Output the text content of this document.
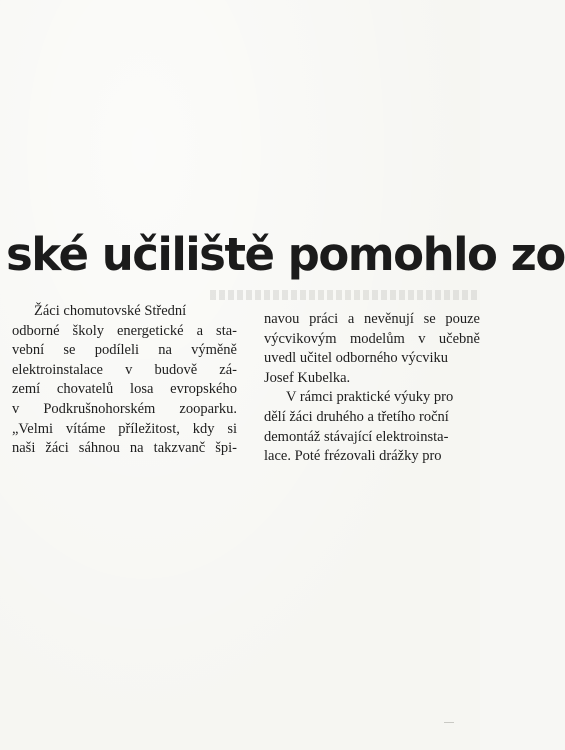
ské učiliště pomohlo zo
Žáci chomutovské Střední
odborné školy energetické a sta-
vební se podíleli na výměně
elektroinstalace v budově zá-
zemí chovatelů losa evropského
v Podkrušnohorském zooparku.
„Velmi vítáme příležitost, kdy si
naši žáci sáhnou na takzvanč špi-
navou práci a nevěnují se pouze
výcvikovým modelům v učebně
uvedl učitel odborného výcviku
Josef Kubelka.
V rámci praktické výuky pro
dělí žáci druhého a třetího roční
demontáž stávající elektroinsta-
lace. Poté frézovali drážky pro
